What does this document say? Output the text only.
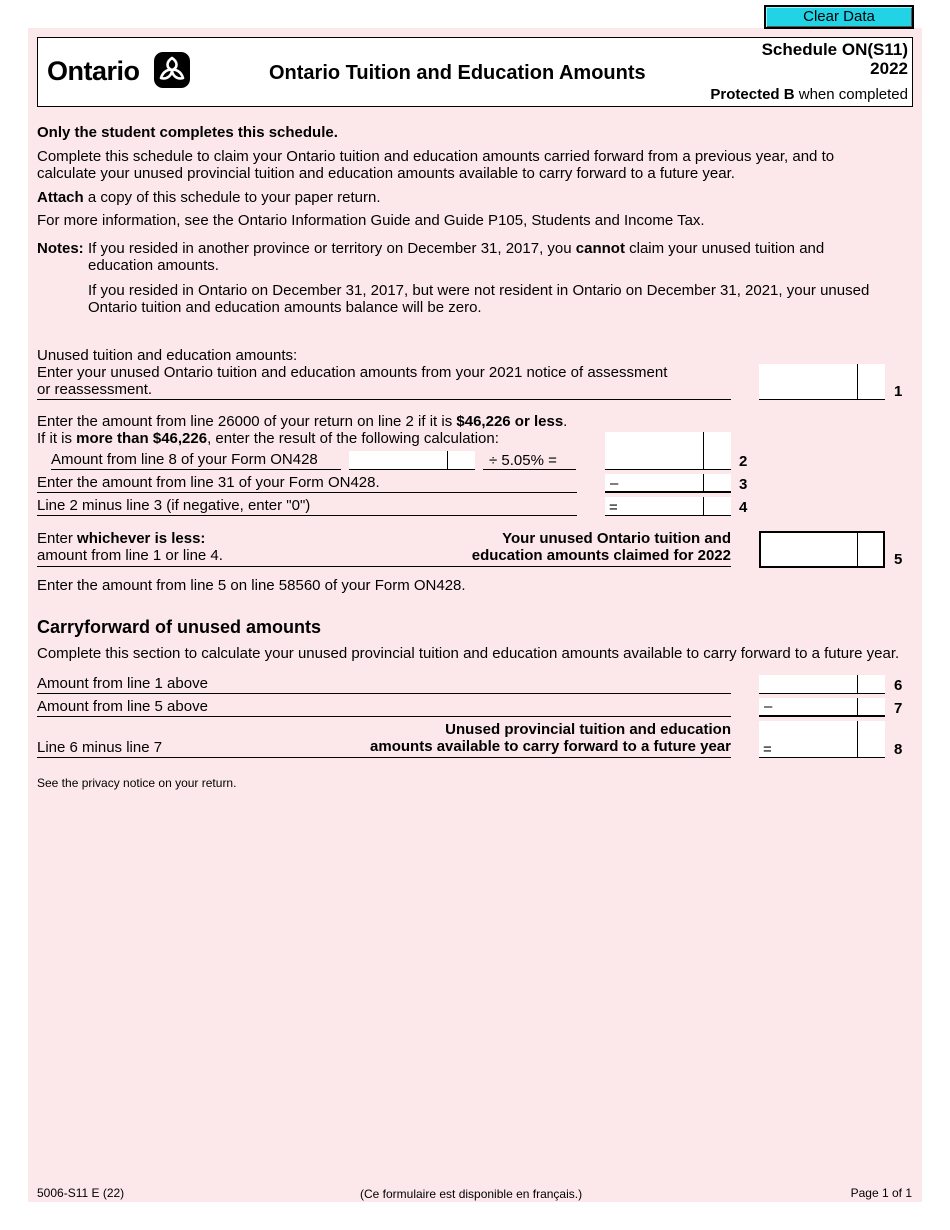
Clear Data
Ontario	Ontario Tuition and Education Amounts
Schedule ON(S11)
2022
Protected B when completed
Only the student completes this schedule.
Complete this schedule to claim your Ontario tuition and education amounts carried forward from a previous year, and to
calculate your unused provincial tuition and education amounts available to carry forward to a future year.
Attach a copy of this schedule to your paper return.
For more information, see the Ontario Information Guide and Guide P105, Students and Income Tax.
Notes: If you resided in another province or territory on December 31, 2017, you cannot claim your unused tuition and
education amounts.
If you resided in Ontario on December 31, 2017, but were not resident in Ontario on December 31, 2021, your unused
Ontario tuition and education amounts balance will be zero.
Unused tuition and education amounts:
Enter your unused Ontario tuition and education amounts from your 2021 notice of assessment
or reassessment.	1
Enter the amount from line 26000 of your return on line 2 if it is $46,226 or less.
If it is more than $46,226, enter the result of the following calculation:
Amount from line 8 of your Form ON428	÷ 5.05% =	2
Enter the amount from line 31 of your Form ON428.	–	3
Line 2 minus line 3 (if negative, enter "0")	=	4
Enter whichever is less:
amount from line 1 or line 4.
Your unused Ontario tuition and
education amounts claimed for 2022	5
Enter the amount from line 5 on line 58560 of your Form ON428.
Carryforward of unused amounts
Complete this section to calculate your unused provincial tuition and education amounts available to carry forward to a future year.
Amount from line 1 above	6
Amount from line 5 above	–	7
Line 6 minus line 7
Unused provincial tuition and education
amounts available to carry forward to a future year =	8
See the privacy notice on your return.
5006-S11 E (22)	(Ce formulaire est disponible en français.)	Page 1 of 1
